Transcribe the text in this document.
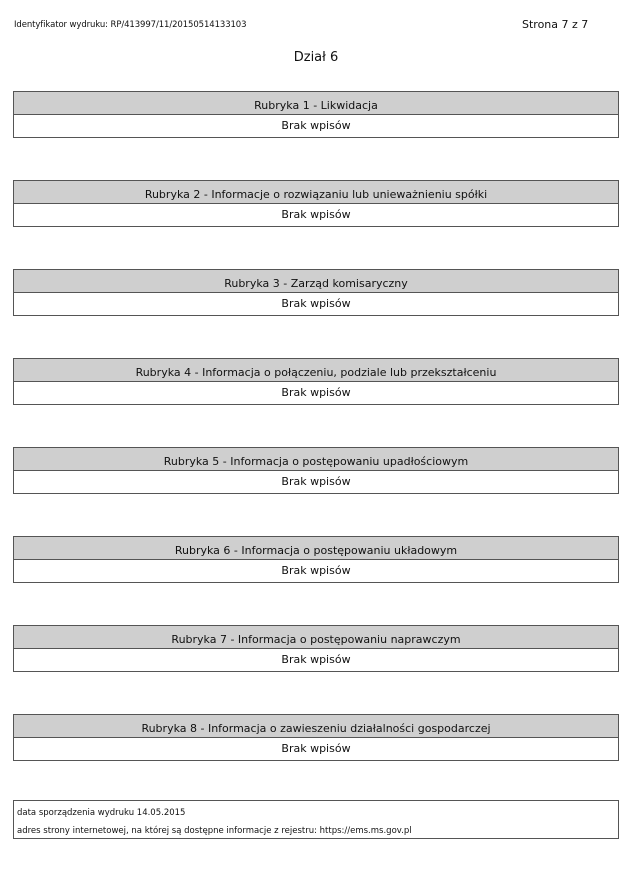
Identyfikator wydruku: RP/413997/11/20150514133103	Strona 7 z 7
Dział 6
Rubryka 1 - Likwidacja
Brak wpisów
Rubryka 2 - Informacje o rozwiązaniu lub unieważnieniu spółki
Brak wpisów
Rubryka 3 - Zarząd komisaryczny
Brak wpisów
Rubryka 4 - Informacja o połączeniu, podziale lub przekształceniu
Brak wpisów
Rubryka 5 - Informacja o postępowaniu upadłościowym
Brak wpisów
Rubryka 6 - Informacja o postępowaniu układowym
Brak wpisów
Rubryka 7 - Informacja o postępowaniu naprawczym
Brak wpisów
Rubryka 8 - Informacja o zawieszeniu działalności gospodarczej
Brak wpisów
data sporządzenia wydruku 14.05.2015
adres strony internetowej, na której są dostępne informacje z rejestru: https://ems.ms.gov.pl
